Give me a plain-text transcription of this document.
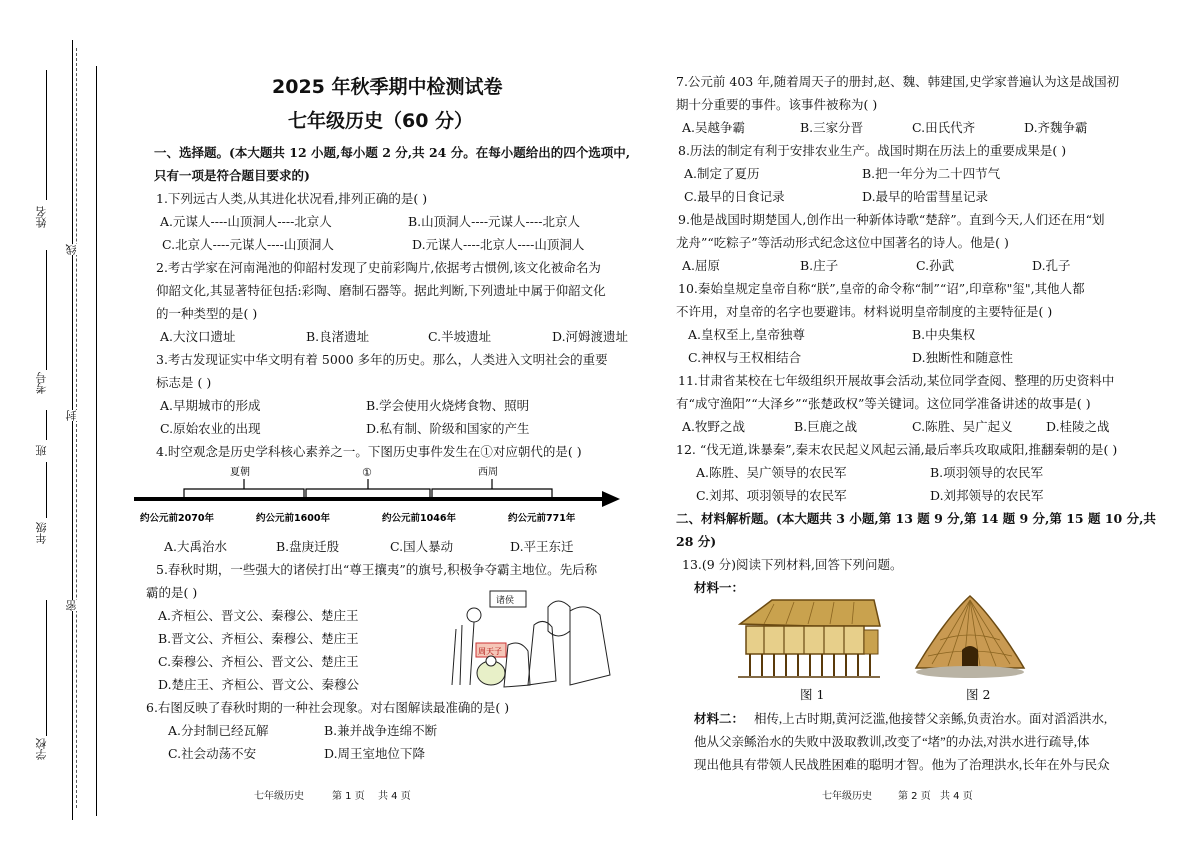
姓名
考号
班
年级
学校
线
封
密
2025 年秋季期中检测试卷
七年级历史（60 分）
一、选择题。(本大题共 12 小题,每小题 2 分,共 24 分。在每小题给出的四个选项中,
只有一项是符合题目要求的)
1.下列远古人类,从其进化状况看,排列正确的是( )
A.元谋人----山顶洞人----北京人	B.山顶洞人----元谋人----北京人
C.北京人----元谋人----山顶洞人	D.元谋人----北京人----山顶洞人
2.考古学家在河南渑池的仰韶村发现了史前彩陶片,依据考古惯例,该文化被命名为
仰韶文化,其显著特征包括:彩陶、磨制石器等。据此判断,下列遗址中属于仰韶文化
的一种类型的是( )
A.大汶口遗址	B.良渚遗址	C.半坡遗址	D.河姆渡遗址
3.考古发现证实中华文明有着 5000 多年的历史。那么，人类进入文明社会的重要
标志是 ( )
A.早期城市的形成	B.学会使用火烧烤食物、照明
C.原始农业的出现	D.私有制、阶级和国家的产生
4.时空观念是历史学科核心素养之一。下图历史事件发生在①对应朝代的是( )
夏朝	①	西周
约公元前2070年	约公元前1600年	约公元前1046年	约公元前771年
A.大禹治水	B.盘庚迁殷	C.国人暴动	D.平王东迁
5.春秋时期，一些强大的诸侯打出“尊王攘夷”的旗号,积极争夺霸主地位。先后称
霸的是( )
A.齐桓公、晋文公、秦穆公、楚庄王
B.晋文公、齐桓公、秦穆公、楚庄王
C.秦穆公、齐桓公、晋文公、楚庄王
D.楚庄王、齐桓公、晋文公、秦穆公
诸侯
周天子
6.右图反映了春秋时期的一种社会现象。对右图解读最准确的是( )
A.分封制已经瓦解	B.兼并战争连绵不断
C.社会动荡不安	D.周王室地位下降
七年级历史	第 1 页 共 4 页
7.公元前 403 年,随着周天子的册封,赵、魏、韩建国,史学家普遍认为这是战国初
期十分重要的事件。该事件被称为( )
A.吴越争霸	B.三家分晋	C.田氏代齐	D.齐魏争霸
8.历法的制定有利于安排农业生产。战国时期在历法上的重要成果是( )
A.制定了夏历	B.把一年分为二十四节气
C.最早的日食记录	D.最早的哈雷彗星记录
9.他是战国时期楚国人,创作出一种新体诗歌“楚辞”。直到今天,人们还在用“划
龙舟”“吃粽子”等活动形式纪念这位中国著名的诗人。他是( )
A.屈原	B.庄子	C.孙武	D.孔子
10.秦始皇规定皇帝自称“朕”,皇帝的命令称“制”“诏”,印章称"玺",其他人都
不许用，对皇帝的名字也要避讳。材料说明皇帝制度的主要特征是( )
A.皇权至上,皇帝独尊	B.中央集权
C.神权与王权相结合	D.独断性和随意性
11.甘肃省某校在七年级组织开展故事会活动,某位同学查阅、整理的历史资料中
有“成守渔阳”“大泽乡”“张楚政权”等关键词。这位同学准备讲述的故事是( )
A.牧野之战	B.巨鹿之战	C.陈胜、吴广起义	D.桂陵之战
12. “伐无道,诛暴秦”,秦末农民起义风起云涌,最后率兵攻取咸阳,推翻秦朝的是( )
A.陈胜、吴广领导的农民军	B.项羽领导的农民军
C.刘邦、项羽领导的农民军	D.刘邦领导的农民军
二、材料解析题。(本大题共 3 小题,第 13 题 9 分,第 14 题 9 分,第 15 题 10 分,共
28 分)
13.(9 分)阅读下列材料,回答下列问题。
材料一：
图 1	图 2
材料二： 相传,上古时期,黄河泛滥,他接替父亲鲧,负责治水。面对滔滔洪水,
他从父亲鲧治水的失败中汲取教训,改变了“堵”的办法,对洪水进行疏导,体
现出他具有带领人民战胜困难的聪明才智。他为了治理洪水,长年在外与民众
七年级历史	第 2 页 共 4 页
